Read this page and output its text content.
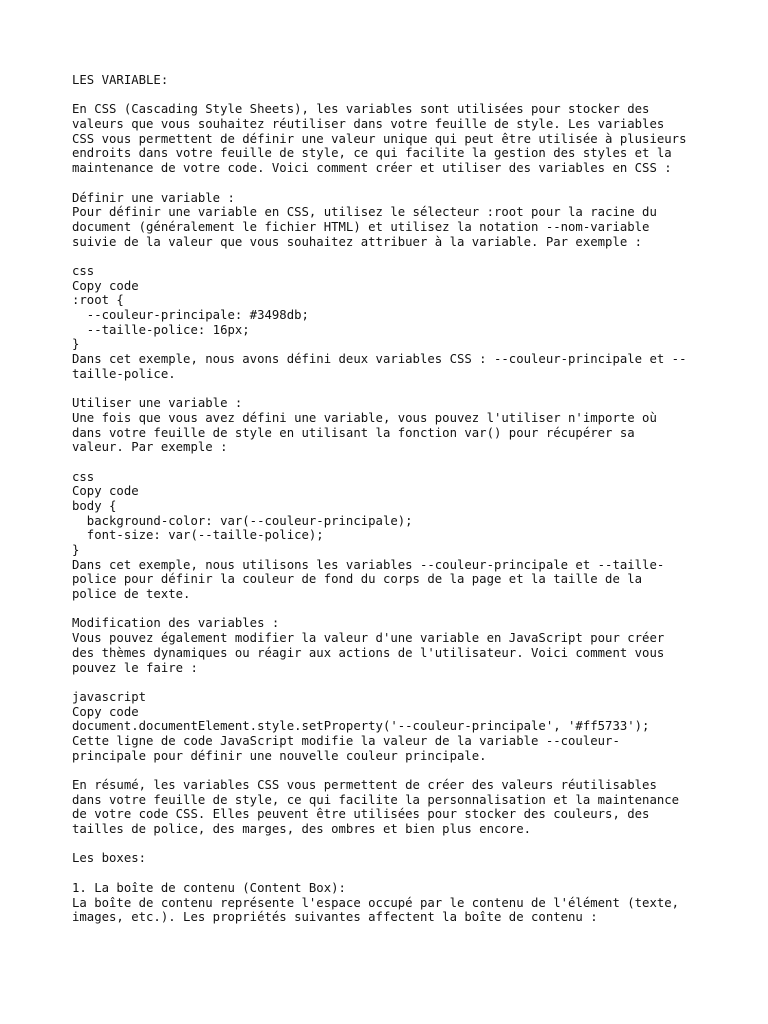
LES VARIABLE:
En CSS (Cascading Style Sheets), les variables sont utilisées pour stocker des
valeurs que vous souhaitez réutiliser dans votre feuille de style. Les variables
CSS vous permettent de définir une valeur unique qui peut être utilisée à plusieurs
endroits dans votre feuille de style, ce qui facilite la gestion des styles et la
maintenance de votre code. Voici comment créer et utiliser des variables en CSS :
Définir une variable :
Pour définir une variable en CSS, utilisez le sélecteur :root pour la racine du
document (généralement le fichier HTML) et utilisez la notation --nom-variable
suivie de la valeur que vous souhaitez attribuer à la variable. Par exemple :
css
Copy code
:root {
--couleur-principale: #3498db;
--taille-police: 16px;
}
Dans cet exemple, nous avons défini deux variables CSS : --couleur-principale et --
taille-police.
Utiliser une variable :
Une fois que vous avez défini une variable, vous pouvez l'utiliser n'importe où
dans votre feuille de style en utilisant la fonction var() pour récupérer sa
valeur. Par exemple :
css
Copy code
body {
background-color: var(--couleur-principale);
font-size: var(--taille-police);
}
Dans cet exemple, nous utilisons les variables --couleur-principale et --taille-
police pour définir la couleur de fond du corps de la page et la taille de la
police de texte.
Modification des variables :
Vous pouvez également modifier la valeur d'une variable en JavaScript pour créer
des thèmes dynamiques ou réagir aux actions de l'utilisateur. Voici comment vous
pouvez le faire :
javascript
Copy code
document.documentElement.style.setProperty('--couleur-principale', '#ff5733');
Cette ligne de code JavaScript modifie la valeur de la variable --couleur-
principale pour définir une nouvelle couleur principale.
En résumé, les variables CSS vous permettent de créer des valeurs réutilisables
dans votre feuille de style, ce qui facilite la personnalisation et la maintenance
de votre code CSS. Elles peuvent être utilisées pour stocker des couleurs, des
tailles de police, des marges, des ombres et bien plus encore.
Les boxes:
1. La boîte de contenu (Content Box):
La boîte de contenu représente l'espace occupé par le contenu de l'élément (texte,
images, etc.). Les propriétés suivantes affectent la boîte de contenu :
